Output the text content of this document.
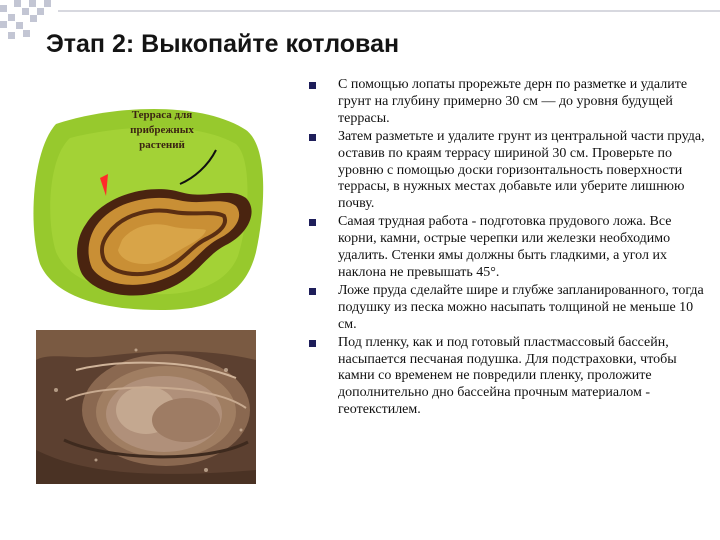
Этап 2: Выкопайте котлован
Терраса для прибрежных растений
С помощью лопаты прорежьте дерн по разметке и удалите грунт на глубину примерно 30 см — до уровня будущей террасы.
Затем разметьте и удалите грунт из центральной части пруда, оставив по краям террасу шириной 30 см. Проверьте по уровню с помощью доски горизонтальность поверхности террасы, в нужных местах добавьте или уберите лишнюю почву.
Самая трудная работа - подготовка прудового ложа. Все корни, камни, острые черепки или железки необходимо удалить. Стенки ямы должны быть гладкими, а угол их наклона не превышать 45°.
Ложе пруда сделайте шире и глубже запланированного, тогда подушку из песка можно насыпать толщиной не меньше 10 см.
Под пленку, как и под готовый пластмассовый бассейн, насыпается песчаная подушка. Для подстраховки, чтобы камни со временем не повредили пленку, проложите дополнительно дно бассейна прочным материалом - геотекстилем.
